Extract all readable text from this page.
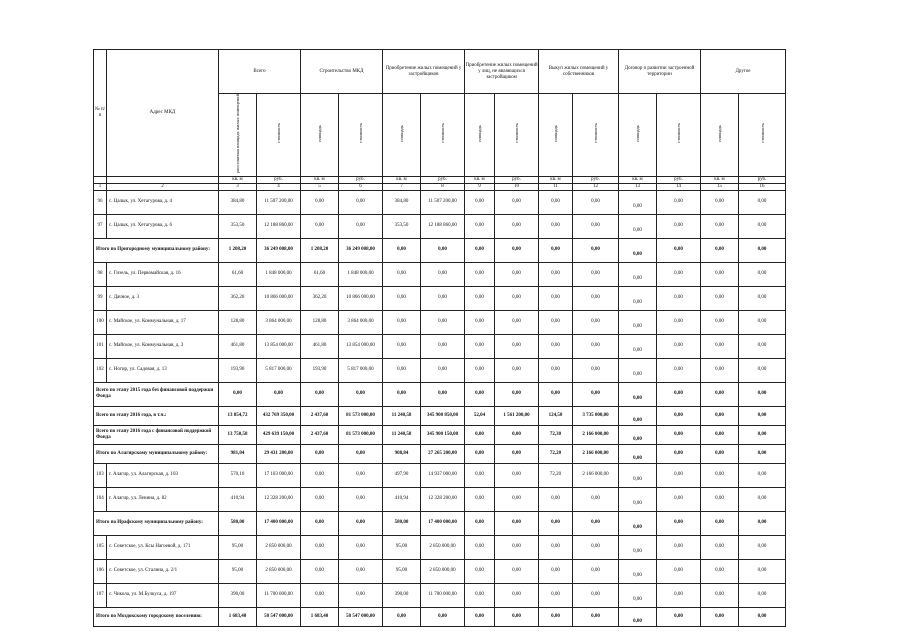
№ п/п	Адрес МКД	Всего		Строительство МКД		Приобретение жилых помещений у застройщиков		Приобретение жилых помещений у лиц, не являющихся застройщиком		Выкуп жилых помещений у собственников		Договор о развитии застроенной территории		Другое	
		расселяемая площадь жилых помещений	стоимость	площадь	стоимость	площадь	стоимость	площадь	стоимость	площадь	стоимость	площадь	стоимость	площадь	стоимость
		кв. м	руб.	кв. м	руб.	кв. м	руб.	кв. м	руб.	кв. м	руб.	кв. м	руб.	кв. м	руб.
1	2	3	4	5	6	7	8	9	10	11	12	13	14	15	16
96	с. Цалык, ул. Хетагурова, д. 4	384,80	11 507 200,00	0,00	0,00	384,80	11 507 200,00	0,00	0,00	0,00	0,00	0,00	0,00	0,00	0,00
97	с. Цалык, ул. Хетагурова, д. 6	353,50	12 188 860,00	0,00	0,00	353,50	12 188 860,00	0,00	0,00	0,00	0,00	0,00	0,00	0,00	0,00
Итого по Пригородному муниципальному району:		1 208,20	36 249 008,00	1 208,20	36 249 008,00	0,00	0,00	0,00	0,00	0,00	0,00	0,00	0,00	0,00	0,00
98	с. Гизель, ул. Первомайская, д. 16	61,60	1 848 000,00	61,60	1 848 000,00	0,00	0,00	0,00	0,00	0,00	0,00	0,00	0,00	0,00	0,00
99	с. Дачное, д. 3	362,20	10 866 000,00	362,20	10 866 000,00	0,00	0,00	0,00	0,00	0,00	0,00	0,00	0,00	0,00	0,00
100	с. Майское, ул. Коммунальная, д. 17	128,80	3 864 000,00	128,80	3 864 000,00	0,00	0,00	0,00	0,00	0,00	0,00	0,00	0,00	0,00	0,00
101	с. Майское, ул. Коммунальная, д. 3	461,80	13 854 000,00	461,80	13 854 000,00	0,00	0,00	0,00	0,00	0,00	0,00	0,00	0,00	0,00	0,00
102	с. Ногир, ул. Садовая, д. 13	193,90	5 817 000,00	193,90	5 817 000,00	0,00	0,00	0,00	0,00	0,00	0,00	0,00	0,00	0,00	0,00
Всего по этапу 2015 года без финансовой поддержки Фонда		0,00	0,00	0,00	0,00	0,00	0,00	0,00	0,00	0,00	0,00	0,00	0,00	0,00	0,00
Всего по этапу 2016 года, в т.ч.:		13 854,72	432 769 350,00	2 437,60	81 573 000,00	11 240,58	345 900 850,00	52,04	1 561 200,00	124,50	3 735 000,00	0,00	0,00	0,00	0,00
Всего по этапу 2016 года с финансовой поддержкой Фонда		13 750,58	429 639 150,00	2 437,60	81 573 000,00	11 240,58	345 900 150,00	0,00	0,00	72,30	2 166 000,00	0,00	0,00	0,00	0,00
Итого по Алагирскому муниципальному району:		981,04	29 431 200,00	0,00	0,00	908,84	27 265 200,00	0,00	0,00	72,20	2 166 000,00	0,00	0,00	0,00	0,00
103	г. Алагир, ул. Алагирская, д. 103	570,10	17 103 000,00	0,00	0,00	497,90	14 937 000,00	0,00	0,00	72,20	2 166 000,00	0,00	0,00	0,00	0,00
104	г. Алагир, ул. Ленина, д. 82	410,94	12 328 200,00	0,00	0,00	410,94	12 328 200,00	0,00	0,00	0,00	0,00	0,00	0,00	0,00	0,00
Итого по Ирафскому муниципальному району:		580,00	17 400 000,00	0,00	0,00	580,00	17 400 000,00	0,00	0,00	0,00	0,00	0,00	0,00	0,00	0,00
105	с. Советское, ул. Ксы Нагоевой, д. 171	95,00	2 850 000,00	0,00	0,00	95,00	2 850 000,00	0,00	0,00	0,00	0,00	0,00	0,00	0,00	0,00
106	с. Советское, ул. Сталина, д. 2/1	95,00	2 850 000,00	0,00	0,00	95,00	2 850 000,00	0,00	0,00	0,00	0,00	0,00	0,00	0,00	0,00
107	с. Чикола, ул. М.Булкуса, д. 197	390,00	11 700 000,00	0,00	0,00	390,00	11 700 000,00	0,00	0,00	0,00	0,00	0,00	0,00	0,00	0,00
Итого по Моздокскому городскому поселению:		1 683,40	50 547 000,00	1 683,40	50 547 000,00	0,00	0,00	0,00	0,00	0,00	0,00	0,00	0,00	0,00	0,00
